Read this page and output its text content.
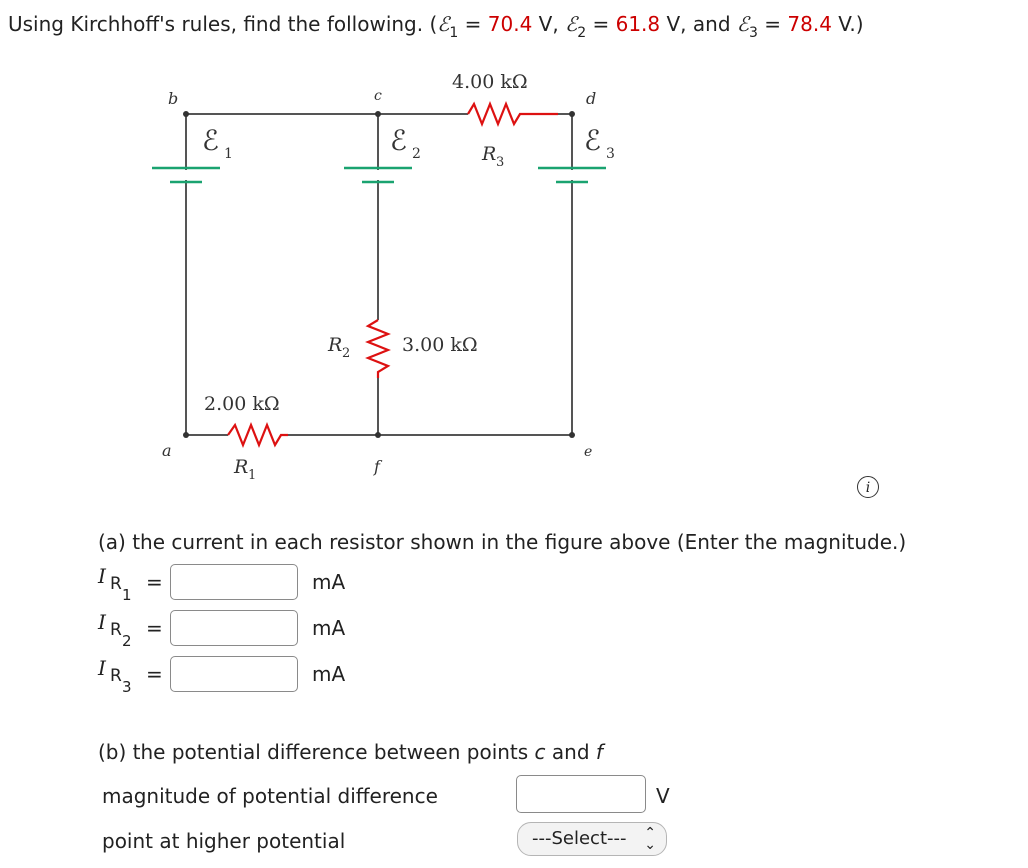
Using Kirchhoff's rules, find the following. (ℰ$_1$ = 70.4 V, ℰ$_2$ = 61.8 V, and ℰ$_3$ = 78.4 V.)
b	c	d
a
f
e
ℰ 1	ℰ 2	ℰ 3
4.00 kΩ
R 3
R 2	3.00 kΩ
2.00 kΩ
R 1
i
(a) the current in each resistor shown in the figure above (Enter the magnitude.)
I R
1
=	mA
I R
2
=	mA
I R
3
=	mA
(b) the potential difference between points c and f
magnitude of potential difference	V
point at higher potential	---Select--- ⌃
⌄
